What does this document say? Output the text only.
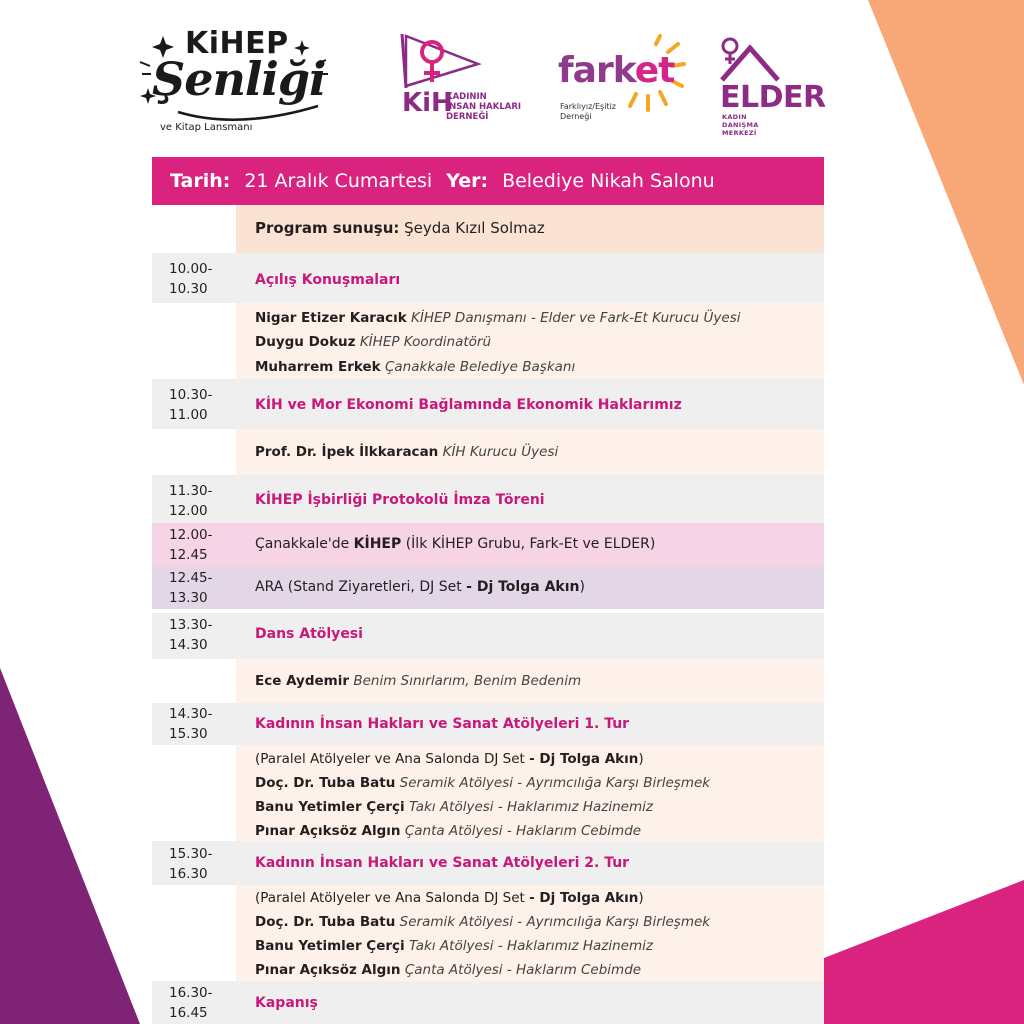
KiHEP
Şenliği
ve Kitap Lansmanı
KiH
KADININ
İNSAN HAKLARI
DERNEĞİ
farket
Farklıyız/Eşitiz
Derneği
ELDER
KADIN DANIŞMA MERKEZİ
Tarih: 21 Aralık Cumartesi Yer: Belediye Nikah Salonu
Program sunuşu: Şeyda Kızıl Solmaz
10.00-
10.30
Açılış Konuşmaları
Nigar Etizer Karacık KİHEP Danışmanı - Elder ve Fark-Et Kurucu Üyesi
Duygu Dokuz KİHEP Koordinatörü
Muharrem Erkek Çanakkale Belediye Başkanı
10.30-
11.00
KİH ve Mor Ekonomi Bağlamında Ekonomik Haklarımız
Prof. Dr. İpek İlkkaracan KİH Kurucu Üyesi
11.30-
12.00
KİHEP İşbirliği Protokolü İmza Töreni
12.00-
12.45
Çanakkale'de KİHEP (İlk KİHEP Grubu, Fark-Et ve ELDER)
12.45-
13.30
ARA (Stand Ziyaretleri, DJ Set - Dj Tolga Akın)
13.30-
14.30
Dans Atölyesi
Ece Aydemir Benim Sınırlarım, Benim Bedenim
14.30-
15.30
Kadının İnsan Hakları ve Sanat Atölyeleri 1. Tur
(Paralel Atölyeler ve Ana Salonda DJ Set - Dj Tolga Akın)
Doç. Dr. Tuba Batu Seramik Atölyesi - Ayrımcılığa Karşı Birleşmek
Banu Yetimler Çerçi Takı Atölyesi - Haklarımız Hazinemiz
Pınar Açıksöz Algın Çanta Atölyesi - Haklarım Cebimde
15.30-
16.30
Kadının İnsan Hakları ve Sanat Atölyeleri 2. Tur
(Paralel Atölyeler ve Ana Salonda DJ Set - Dj Tolga Akın)
Doç. Dr. Tuba Batu Seramik Atölyesi - Ayrımcılığa Karşı Birleşmek
Banu Yetimler Çerçi Takı Atölyesi - Haklarımız Hazinemiz
Pınar Açıksöz Algın Çanta Atölyesi - Haklarım Cebimde
16.30-
16.45
Kapanış
